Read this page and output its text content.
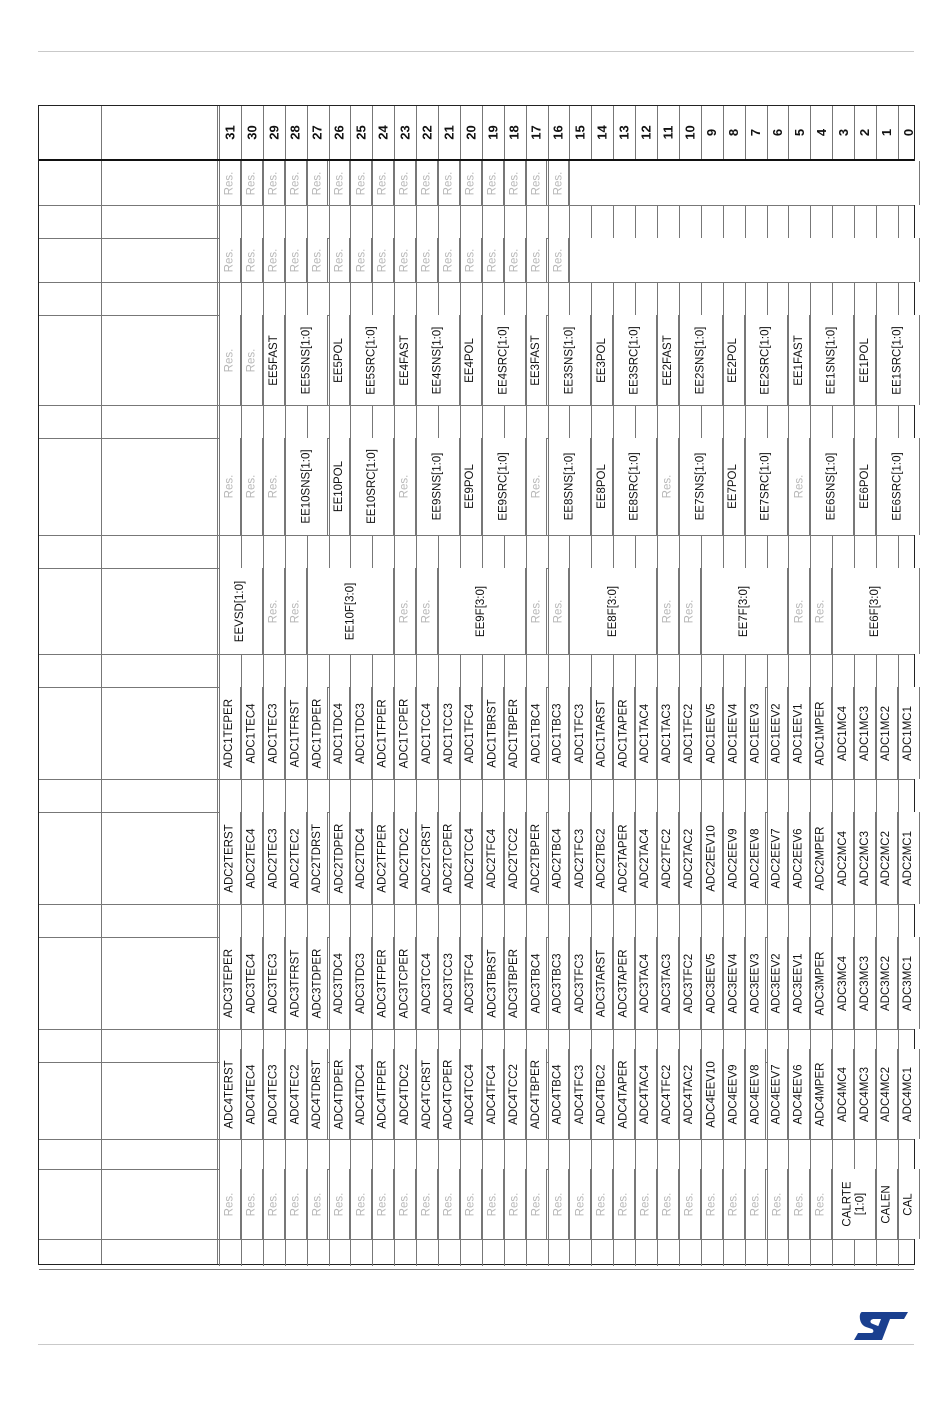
31 30 29 28 27 26 25 24 23 22 21 20 19 18 17 16 15 14 13 12 11 10 9 8 7 6 5 4 3 2 1 0
Res. Res. Res. Res. Res. Res. Res. Res. Res. Res. Res. Res. Res. Res. Res. Res.
Res. Res. Res. Res. Res. Res. Res. Res. Res. Res. Res. Res. Res. Res. Res. Res.
Res. Res. EE5FAST EE5SNS[1:0] EE5POL EE5SRC[1:0] EE4FAST EE4SNS[1:0] EE4POL EE4SRC[1:0] EE3FAST EE3SNS[1:0] EE3POL EE3SRC[1:0] EE2FAST EE2SNS[1:0] EE2POL EE2SRC[1:0] EE1FAST EE1SNS[1:0] EE1POL EE1SRC[1:0]
Res. Res. Res. EE10SNS[1:0] EE10POL EE10SRC[1:0] Res. EE9SNS[1:0] EE9POL EE9SRC[1:0] Res. EE8SNS[1:0] EE8POL EE8SRC[1:0] Res. EE7SNS[1:0] EE7POL EE7SRC[1:0] Res. EE6SNS[1:0] EE6POL EE6SRC[1:0]
EEVSD[1:0] Res. Res.	EE10F[3:0]	Res. Res.	EE9F[3:0]	Res. Res.	EE8F[3:0]	Res. Res.	EE7F[3:0]	Res. Res.	EE6F[3:0]
ADC1TEPER ADC1TEC4 ADC1TEC3 ADC1TFRST ADC1TDPER ADC1TDC4 ADC1TDC3 ADC1TFPER ADC1TCPER ADC1TCC4 ADC1TCC3 ADC1TFC4 ADC1TBRST ADC1TBPER ADC1TBC4 ADC1TBC3 ADC1TFC3 ADC1TARST ADC1TAPER ADC1TAC4 ADC1TAC3 ADC1TFC2 ADC1EEV5 ADC1EEV4 ADC1EEV3 ADC1EEV2 ADC1EEV1 ADC1MPER ADC1MC4 ADC1MC3 ADC1MC2 ADC1MC1
ADC2TERST ADC2TEC4 ADC2TEC3 ADC2TEC2 ADC2TDRST ADC2TDPER ADC2TDC4 ADC2TFPER ADC2TDC2 ADC2TCRST ADC2TCPER ADC2TCC4 ADC2TFC4 ADC2TCC2 ADC2TBPER ADC2TBC4 ADC2TFC3 ADC2TBC2 ADC2TAPER ADC2TAC4 ADC2TFC2 ADC2TAC2 ADC2EEV10 ADC2EEV9 ADC2EEV8 ADC2EEV7 ADC2EEV6 ADC2MPER ADC2MC4 ADC2MC3 ADC2MC2 ADC2MC1
ADC3TEPER ADC3TEC4 ADC3TEC3 ADC3TFRST ADC3TDPER ADC3TDC4 ADC3TDC3 ADC3TFPER ADC3TCPER ADC3TCC4 ADC3TCC3 ADC3TFC4 ADC3TBRST ADC3TBPER ADC3TBC4 ADC3TBC3 ADC3TFC3 ADC3TARST ADC3TAPER ADC3TAC4 ADC3TAC3 ADC3TFC2 ADC3EEV5 ADC3EEV4 ADC3EEV3 ADC3EEV2 ADC3EEV1 ADC3MPER ADC3MC4 ADC3MC3 ADC3MC2 ADC3MC1
ADC4TERST ADC4TEC4 ADC4TEC3 ADC4TEC2 ADC4TDRST ADC4TDPER ADC4TDC4 ADC4TFPER ADC4TDC2 ADC4TCRST ADC4TCPER ADC4TCC4 ADC4TFC4 ADC4TCC2 ADC4TBPER ADC4TBC4 ADC4TFC3 ADC4TBC2 ADC4TAPER ADC4TAC4 ADC4TFC2 ADC4TAC2 ADC4EEV10 ADC4EEV9 ADC4EEV8 ADC4EEV7 ADC4EEV6 ADC4MPER ADC4MC4 ADC4MC3 ADC4MC2 ADC4MC1
Res. Res. Res. Res. Res. Res. Res. Res. Res. Res. Res. Res. Res. Res. Res. Res. Res. Res. Res. Res. Res. Res. Res. Res. Res. Res. Res. Res. CALRTE [1:0] CALEN CAL
